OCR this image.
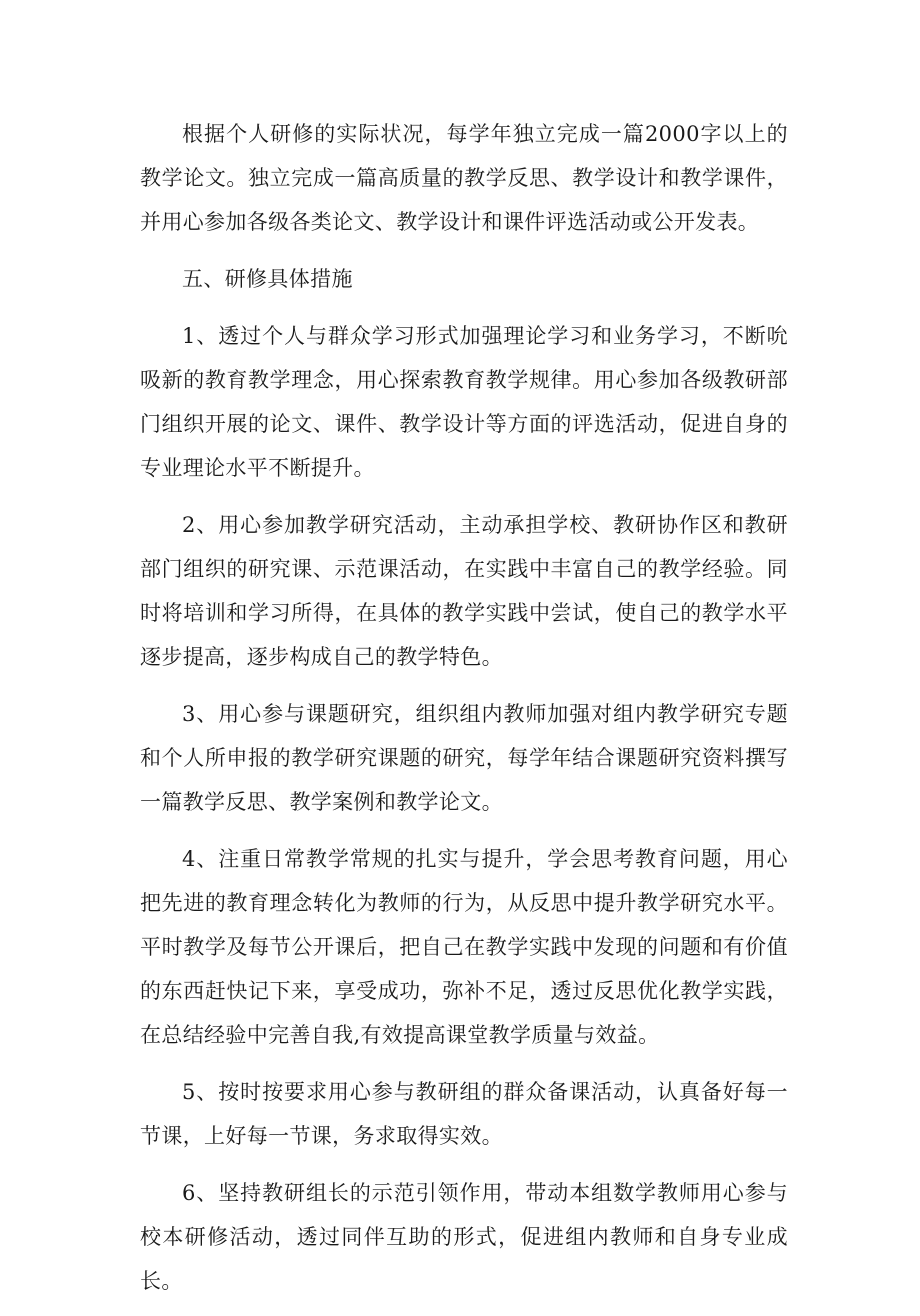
根据个人研修的实际状况，每学年独立完成一篇2000字以上的教学论文。独立完成一篇高质量的教学反思、教学设计和教学课件，并用心参加各级各类论文、教学设计和课件评选活动或公开发表。

五、研修具体措施

1、透过个人与群众学习形式加强理论学习和业务学习，不断吮吸新的教育教学理念，用心探索教育教学规律。用心参加各级教研部门组织开展的论文、课件、教学设计等方面的评选活动，促进自身的专业理论水平不断提升。

2、用心参加教学研究活动，主动承担学校、教研协作区和教研部门组织的研究课、示范课活动，在实践中丰富自己的教学经验。同时将培训和学习所得，在具体的教学实践中尝试，使自己的教学水平逐步提高，逐步构成自己的教学特色。

3、用心参与课题研究，组织组内教师加强对组内教学研究专题和个人所申报的教学研究课题的研究，每学年结合课题研究资料撰写一篇教学反思、教学案例和教学论文。

4、注重日常教学常规的扎实与提升，学会思考教育问题，用心把先进的教育理念转化为教师的行为，从反思中提升教学研究水平。平时教学及每节公开课后，把自己在教学实践中发现的问题和有价值的东西赶快记下来，享受成功，弥补不足，透过反思优化教学实践，在总结经验中完善自我,有效提高课堂教学质量与效益。

5、按时按要求用心参与教研组的群众备课活动，认真备好每一节课，上好每一节课，务求取得实效。

6、坚持教研组长的示范引领作用，带动本组数学教师用心参与校本研修活动，透过同伴互助的形式，促进组内教师和自身专业成长。
